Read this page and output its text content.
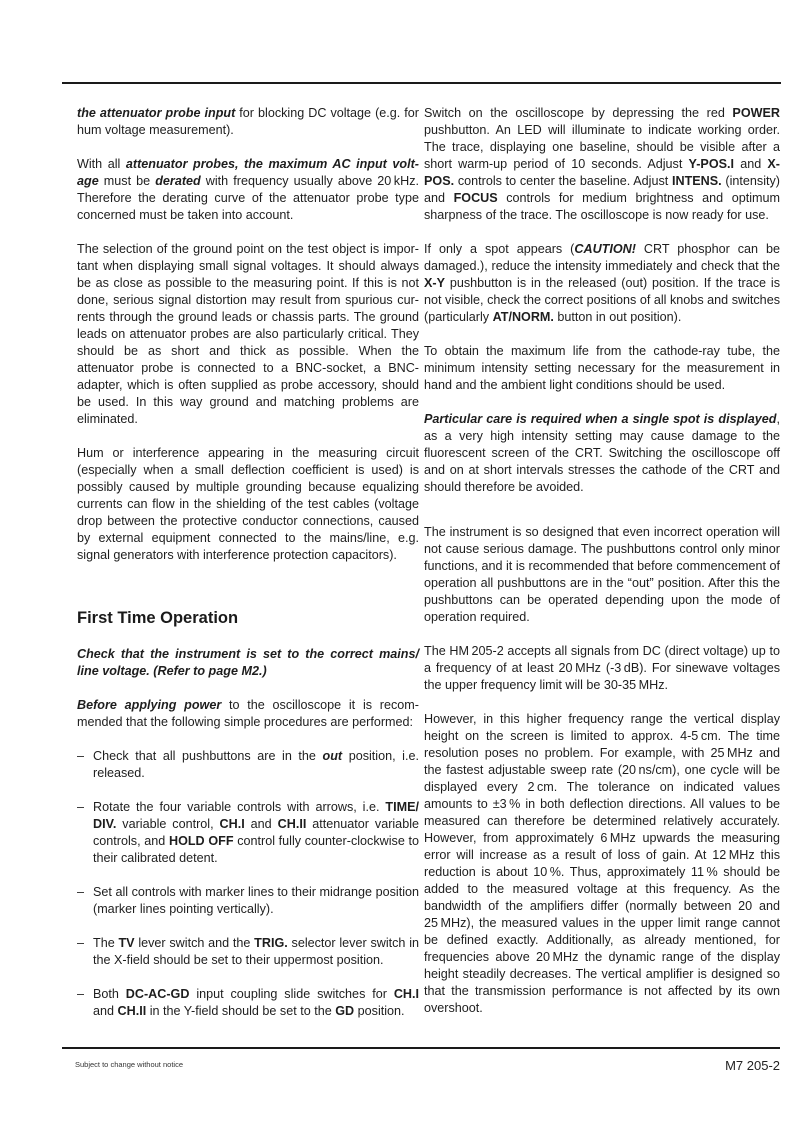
the attenuator probe input for blocking DC voltage (e.g. for hum voltage measurement).

With all attenuator probes, the maximum AC input voltage must be derated with frequency usually above 20 kHz. Therefore the derating curve of the attenuator probe type concerned must be taken into account.

The selection of the ground point on the test object is important when displaying small signal voltages. It should always be as close as possible to the measuring point. If this is not done, serious signal distortion may result from spurious currents through the ground leads or chassis parts. The ground leads on attenuator probes are also particularly critical. They should be as short and thick as possible. When the attenuator probe is connected to a BNC-socket, a BNC-adapter, which is often supplied as probe accessory, should be used. In this way ground and matching problems are eliminated.

Hum or interference appearing in the measuring circuit (especially when a small deflection coefficient is used) is possibly caused by multiple grounding because equalizing currents can flow in the shielding of the test cables (voltage drop between the protective conductor connections, caused by external equipment connected to the mains/line, e.g. signal generators with interference protection capacitors).

First Time Operation

Check that the instrument is set to the correct mains/ line voltage. (Refer to page M2.)

Before applying power to the oscilloscope it is recommended that the following simple procedures are performed:

– Check that all pushbuttons are in the out position, i.e. released.
– Rotate the four variable controls with arrows, i.e. TIME/ DIV. variable control, CH.I and CH.II attenuator variable controls, and HOLD OFF control fully counter-clockwise to their calibrated detent.
– Set all controls with marker lines to their midrange position (marker lines pointing vertically).
– The TV lever switch and the TRIG. selector lever switch in the X-field should be set to their uppermost position.
– Both DC-AC-GD input coupling slide switches for CH.I and CH.II in the Y-field should be set to the GD position.

Switch on the oscilloscope by depressing the red POWER pushbutton. An LED will illuminate to indicate working order. The trace, displaying one baseline, should be visible after a short warm-up period of 10 seconds. Adjust Y-POS.I and X-POS. controls to center the baseline. Adjust INTENS. (intensity) and FOCUS controls for medium brightness and optimum sharpness of the trace. The oscilloscope is now ready for use.

If only a spot appears (CAUTION! CRT phosphor can be damaged.), reduce the intensity immediately and check that the X-Y pushbutton is in the released (out) position. If the trace is not visible, check the correct positions of all knobs and switches (particularly AT/NORM. button in out position).

To obtain the maximum life from the cathode-ray tube, the minimum intensity setting necessary for the measurement in hand and the ambient light conditions should be used.

Particular care is required when a single spot is displayed, as a very high intensity setting may cause damage to the fluorescent screen of the CRT. Switching the oscilloscope off and on at short intervals stresses the cathode of the CRT and should therefore be avoided.

The instrument is so designed that even incorrect operation will not cause serious damage. The pushbuttons control only minor functions, and it is recommended that before commencement of operation all pushbuttons are in the “out” position. After this the pushbuttons can be operated depending upon the mode of operation required.

The HM 205-2 accepts all signals from DC (direct voltage) up to a frequency of at least 20 MHz (-3 dB). For sinewave voltages the upper frequency limit will be 30-35 MHz.

However, in this higher frequency range the vertical display height on the screen is limited to approx. 4-5 cm. The time resolution poses no problem. For example, with 25 MHz and the fastest adjustable sweep rate (20 ns/cm), one cycle will be displayed every 2 cm. The tolerance on indicated values amounts to ±3 % in both deflection directions. All values to be measured can therefore be determined relatively accurately. However, from approximately 6 MHz upwards the measuring error will increase as a result of loss of gain. At 12 MHz this reduction is about 10 %. Thus, approximately 11 % should be added to the measured voltage at this frequency. As the bandwidth of the amplifiers differ (normally between 20 and 25 MHz), the measured values in the upper limit range cannot be defined exactly. Additionally, as already mentioned, for frequencies above 20 MHz the dynamic range of the display height steadily decreases. The vertical amplifier is designed so that the transmission performance is not affected by its own overshoot.

Subject to change without notice	M7 205-2
